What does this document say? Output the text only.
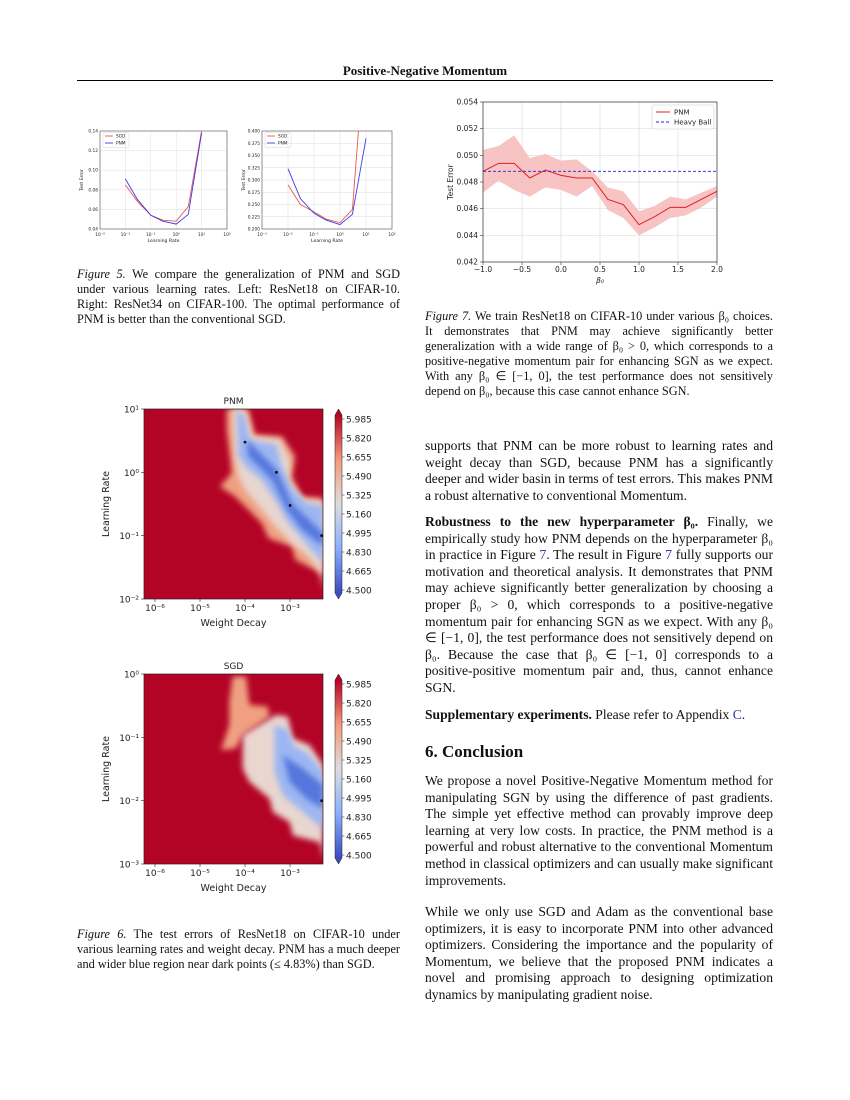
Positive-Negative Momentum
10⁻³	10⁻²	10⁻¹	10⁰	10¹	10²
0.04
0.06
0.08
0.10
0.12
0.14
SGD
PNM
Learning Rate
Test Error
10⁻³	10⁻²	10⁻¹	10⁰	10¹	10²
0.200
0.225
0.250
0.275
0.300
0.325
0.350
0.375
0.400
SGD
PNM
Learning Rate
Test Error
−1.0	−0.5	0.0	0.5	1.0	1.5	2.0
0.042
0.044
0.046
0.048
0.050
0.052
0.054
PNM
Heavy Ball
β₀
Test Error
10⁻⁶	10⁻⁵	10⁻⁴	10⁻³
10¹
10⁰
10⁻¹
10⁻²
PNM
Weight Decay
Learning Rate
5.985
5.820
5.655
5.490
5.325
5.160
4.995
4.830
4.665
4.500
10⁻⁶	10⁻⁵	10⁻⁴	10⁻³
10⁰
10⁻¹
10⁻²
10⁻³
SGD
Weight Decay
Learning Rate
5.985
5.820
5.655
5.490
5.325
5.160
4.995
4.830
4.665
4.500
Figure 5. We compare the generalization of PNM and SGD under various learning rates. Left: ResNet18 on CIFAR-10. Right: ResNet34 on CIFAR-100. The optimal performance of PNM is better than the conventional SGD.	Figure 7. We train ResNet18 on CIFAR-10 under various β₀ choices. It demonstrates that PNM may achieve significantly better generalization with a wide range of β₀ > 0, which corresponds to a positive-negative momentum pair for enhancing SGN as we expect. With any β₀ ∈ [−1, 0], the test performance does not sensitively depend on β₀, because this case cannot enhance SGN.
Figure 6. The test errors of ResNet18 on CIFAR-10 under various learning rates and weight decay. PNM has a much deeper and wider blue region near dark points (≤ 4.83%) than SGD.

supports that PNM can be more robust to learning rates and weight decay than SGD, because PNM has a significantly deeper and wider basin in terms of test errors. This makes PNM a robust alternative to conventional Momentum.

Robustness to the new hyperparameter β₀. Finally, we empirically study how PNM depends on the hyperparameter β₀ in practice in Figure 7. The result in Figure 7 fully supports our motivation and theoretical analysis. It demonstrates that PNM may achieve significantly better generalization by choosing a proper β₀ > 0, which corresponds to a positive-negative momentum pair for enhancing SGN as we expect. With any β₀ ∈ [−1, 0], the test performance does not sensitively depend on β₀. Because the case that β₀ ∈ [−1, 0] corresponds to a positive-positive momentum pair and, thus, cannot enhance SGN.
Supplementary experiments. Please refer to Appendix C.
6. Conclusion

We propose a novel Positive-Negative Momentum method for manipulating SGN by using the difference of past gradients. The simple yet effective method can provably improve deep learning at very low costs. In practice, the PNM method is a powerful and robust alternative to the conventional Momentum method in classical optimizers and can usually make significant improvements.

While we only use SGD and Adam as the conventional base optimizers, it is easy to incorporate PNM into other advanced optimizers. Considering the importance and the popularity of Momentum, we believe that the proposed PNM indicates a novel and promising approach to designing optimization dynamics by manipulating gradient noise.
